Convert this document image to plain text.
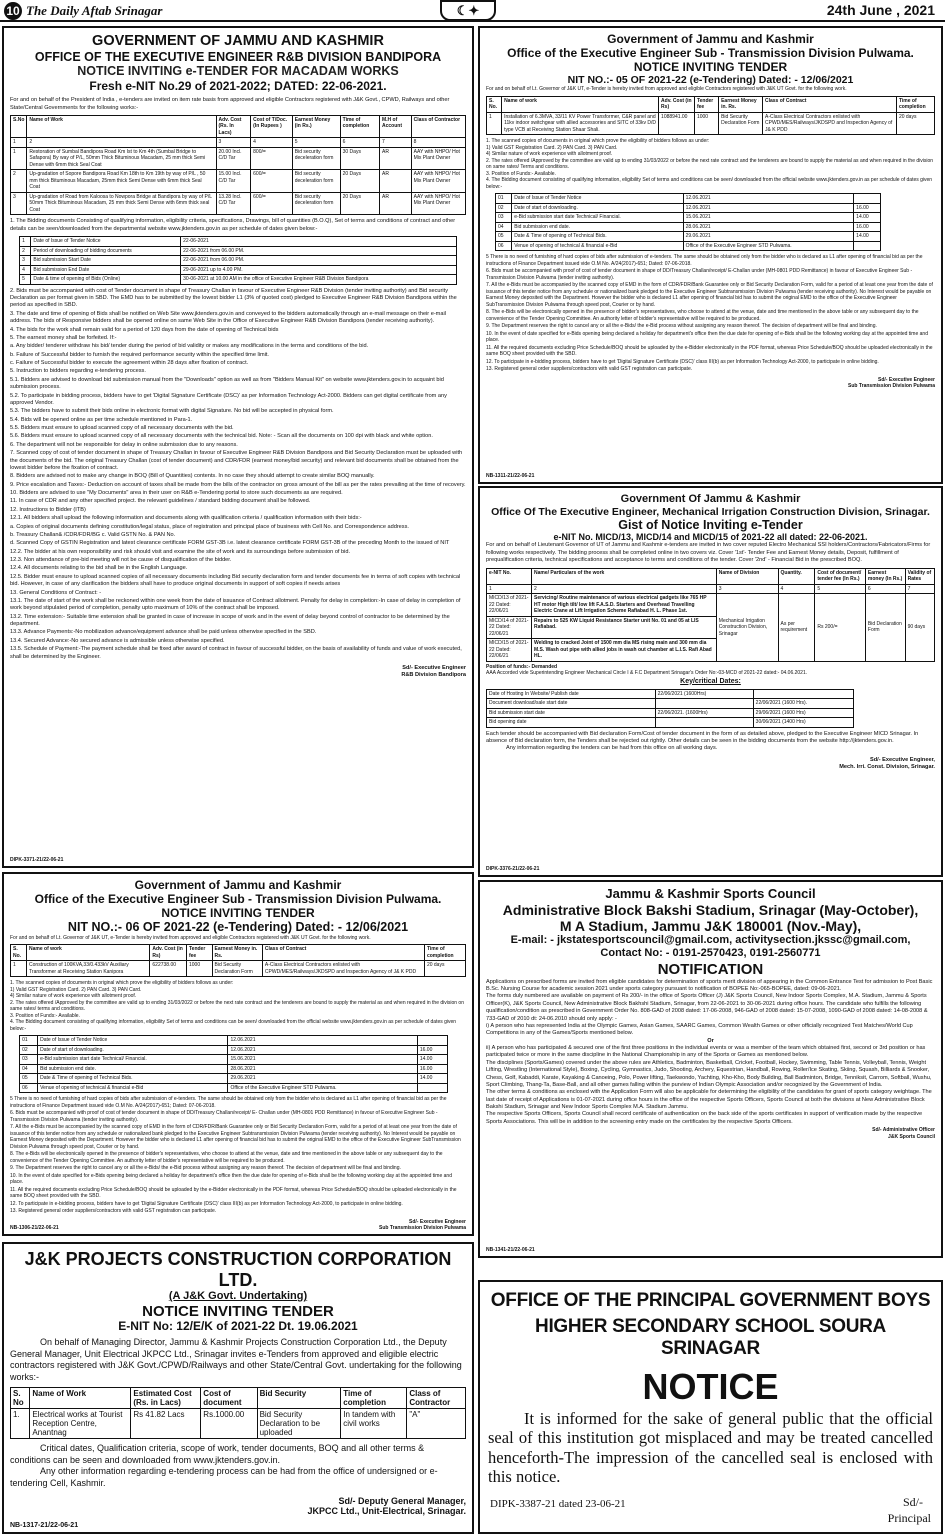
10 The Daily Aftab Srinagar	☾✦	24th June , 2021
GOVERNMENT OF JAMMU AND KASHMIR
OFFICE OF THE EXECUTIVE ENGINEER R&B DIVISION BANDIPORA
NOTICE INVITING e-TENDER FOR MACADAM WORKS
Fresh e-NIT No.29 of 2021-2022; DATED: 22-06-2021.
For and on behalf of the President of India , e-tenders are invited on item rate basis from approved and eligible Contractors registered with J&K Govt., CPWD, Railways and other State/Central Governments for the following works:-
S.No	Name of Work	Adv. Cost (Rs. In Lacs)	Cost of T/Doc. (In Rupees )	Earnest Money (in Rs.)	Time of completion	M.H of Account	Class of Contractor
1	2	3	4	5	6	7	8
1	Restoration of Sumbal Bandipora Road Km Ist to Km 4th (Sumbal Bridge to Safapora) By way of P/L, 50mm Thick Bituminous Macadam, 25 mm thick Semi Dense with 6mm thick Seal Coat	20.00 Incl. C/D Tar	800/=	Bid security deceleration form	30 Days	AR	AAY with NHPO/ Hot Mix Plant Owner
2	Up-gradation of Sopore Bandipora Road Km 18th to Km 19th by way of P/L , 50 mm thick Bituminous Macadam, 25mm thick Semi Dense with 6mm thick Seal Coat	15.00 Incl. C/D Tar	600/=	Bid security deceleration form	20 Days	AR	AAY with NHPO/ Hot Mix Plant Owner
3	Up-gradation of Road from Kaloosa to Nowpora Bridge at Bandipora by way of P/L 50mm Thick Bituminous Macadam, 25 mm thick Semi Dense with 6mm thick seal Coat	13.28 Incl. C/D Tar	600/=	Bid security deceleration form	20 Days	AR	AAY with NHPO/ Hot Mix Plant Owner
1. The Bidding documents Consisting of qualifying information, eligibility criteria, specifications, Drawings, bill of quantities (B.O.Q), Set of terms and conditions of contract and other details can be seen/downloaded from the departmental website www.jktenders.gov.in as per schedule of dates given below:-
1	Date of Issue of Tender Notice	22-06-2021
2	Period of downloading of bidding documents	22-06-2021 from 06.00 PM.
3	Bid submission Start Date	22-06-2021 from 06.00 PM.
4	Bid submission End Date	29-06-2021 up to 4.00 PM.
5	Date & time of opening of Bids (Online)	30-06-2021 at 10.00 AM in the office of Executive Engineer R&B Division Bandipora
2. Bids must be accompanied with cost of Tender document in shape of Treasury Challan in favour of Executive Engineer R&B Division (tender inviting authority) and Bid security Declaration as per format given in SBD. The EMD has to be submitted by the lowest bidder L1 (3% of quoted cost) pledged to Executive Engineer R&B Division Bandipora within the period as specified in SBD.
3. The date and time of opening of Bids shall be notified on Web Site www.jktenders.gov.in and conveyed to the bidders automatically through an e-mail message on their e-mail address. The bids of Responsive bidders shall be opened online on same Web Site in the Office of Executive Engineer R&B Division Bandipora (tender receiving authority).
4. The bids for the work shall remain valid for a period of 120 days from the date of opening of Technical bids
5. The earnest money shall be forfeited. If:-
a. Any bidder/ tenderer withdraw his bid/ tender during the period of bid validity or makes any modifications in the terms and conditions of the bid.
b. Failure of Successful bidder to furnish the required performance security within the specified time limit.
c. Failure of Successful bidder to execute the agreement within 28 days after fixation of contract.
5. Instruction to bidders regarding e-tendering process.
5.1. Bidders are advised to download bid submission manual from the "Downloads" option as well as from "Bidders Manual Kit" on website www.jktenders.gov.in to acquaint bid submission process.
5.2. To participate in bidding process, bidders have to get 'Digital Signature Certificate (DSC)' as per Information Technology Act-2000. Bidders can get digital certificate from any approved Vendor.
5.3. The bidders have to submit their bids online in electronic format with digital Signature. No bid will be accepted in physical form.
5.4. Bids will be opened online as per time schedule mentioned in Para-1.
5.5. Bidders must ensure to upload scanned copy of all necessary documents with the bid.
5.6. Bidders must ensure to upload scanned copy of all necessary documents with the technical bid. Note: - Scan all the documents on 100 dpi with black and white option.
6. The department will not be responsible for delay in online submission due to any reasons.
7. Scanned copy of cost of tender document in shape of Treasury Challan in favour of Executive Engineer R&B Division Bandipora and Bid Security Declaration must be uploaded with the documents of the bid. The original Treasury Challan (cost of tender document) and CDR/FDR (earnest money/bid security) and relevant bid documents shall be obtained from the lowest bidder before the fixation of contract.
8. Bidders are advised not to make any change in BOQ (Bill of Quantities) contents. In no case they should attempt to create similar BOQ manually.
9. Price escalation and Taxes:- Deduction on account of taxes shall be made from the bills of the contractor on gross amount of the bill as per the rates prevailing at the time of recovery.
10. Bidders are advised to use "My Documents" area in their user on R&B e-Tendering portal to store such documents as are required.
11. In case of CDR and any other specified project. the relevant guidelines / standard bidding document shall be followed.
12. Instructions to Bidder (ITB)
12.1. All bidders shall upload the following information and documents along with qualification criteria / qualification information with their bids:-
a. Copies of original documents defining constitution/legal status, place of registration and principal place of business with Cell No. and Correspondence address.
b. Treasury Challan& /CDR/FDR/BG c. Valid GSTN No. & PAN No.
d. Scanned Copy of GSTIN Registration and latest clearance certificate FORM GST-3B i.e. latest clearance certificate FORM GST-3B of the preceding Month to the issued of NIT
12.2. The bidder at his own responsibility and risk should visit and examine the site of work and its surroundings before submission of bid.
12.3. Non attendance of pre-bid meeting will not be cause of disqualification of the bidder.
12.4. All documents relating to the bid shall be in the English Language.
12.5. Bidder must ensure to upload scanned copies of all necessary documents including Bid security declaration form and tender documents fee in terms of soft copies with technical bid. However, in case of any clarification the bidders shall have to produce original documents in support of soft copies if needs arises
13. General Conditions of Contract: -
13.1. The date of start of the work shall be reckoned within one week from the date of issuance of Contract allotment. Penalty for delay in completion:-In case of delay in completion of work beyond stipulated period of completion, penalty upto maximum of 10% of the contract shall be imposed.
13.2. Time extension:- Suitable time extension shall be granted in case of increase in scope of work and in the event of delay beyond control of contractor to be determined by the department.
13.3. Advance Payments:-No mobilization advance/equipment advance shall be paid unless otherwise specified in the SBD.
13.4. Secured Advance:-No secured advance is admissible unless otherwise specified.
13.5. Schedule of Payment:-The payment schedule shall be fixed after award of contract in favour of successful bidder, on the basis of availability of funds and value of work executed, shall be determined by the Engineer.
Sd/- Executive Engineer
R&B Division Bandipora
DIPK-3371-21/22-06-21
Government of Jammu and Kashmir
Office of the Executive Engineer Sub - Transmission Division Pulwama.
NOTICE INVITING TENDER
NIT NO.:- 05 OF 2021-22 (e-Tendering) Dated: - 12/06/2021
For and on behalf of Lt. Governor of J&K UT, e-Tender is hereby invited from approved and eligible Contractors registered with J&K UT Govt. for the following work.
S. No.	Name of work	Adv. Cost (in Rs)	Tender fee	Earnest Money in. Rs.	Class of Contract	Time of completion
1	Installation of 6.3MVA, 33/11 KV Power Transformer, C&R panel and 11kv indoor switchgear with allied accessories and SITC of 33kv D/D type VCB at Receiving Station Shaar Shali.	1088941.00	1000	Bid Security Declaration Form	A-Class Electrical Contractors enlisted with CPWD/MES/Railways/JKDSPD and Inspection Agency of J& K PDD	20 days
1. The scanned copies of documents in original which prove the eligibility of bidders follows as under:
1) Valid GST Registration Card. 2) PAN Card. 3) PAN Card.
4) Similar nature of work experience with allotment proof.
2. The rates offered /Approved by the committee are valid up to ending 31/03/2022 or before the next rate contract and the tenderers are bound to supply the material as and when required in the division on same rates/ Terms and conditions.
3. Position of Funds:- Available.
4. The Bidding document consisting of qualifying information, eligibility Set of terms and conditions can be seen/ downloaded from the official website www.jktenders.gov.in as per schedule of dates given below:-
01	Date of Issue of Tender Notice	12.06.2021	
02	Date of start of downloading.	12.06.2021	16.00
03	e-Bid submission start date Technical/ Financial.	15.06.2021	14.00
04	Bid submission end date.	28.06.2021	16.00
05	Date & Time of opening of Technical Bids.	29.06.2021	14.00
06	Venue of opening of technical & financial e-Bid	Office of the Executive Engineer STD Pulwama.	
5 There is no need of furnishing of hard copies of bids after submission of e-tenders. The same should be obtained only from the bidder who is declared as L1 after opening of financial bid as per the instructions of Finance Department issued vide O.M No. A/24(2017)-651; Dated: 07-06-2018.
6. Bids must be accompanied with proof of cost of tender document in shape of DD/Treasury Challan/receipt/ E-Challan under (MH-0801 PDD Remittance) in favour of Executive Engineer Sub - Transmission Division Pulwama (tender inviting authority).
7. All the e-Bids must be accompanied by the scanned copy of EMD in the form of CDR/FDR/Bank Guarantee only or Bid Security Declaration Form, valid for a period of at least one year from the date of issuance of this tender notice from any schedule or nationalized bank pledged to the Executive Engineer Subtransmission Division Pulwama (tender receiving authority). No Interest would be payable on Earnest Money deposited with the Department. However the bidder who is declared L1 after opening of financial bid has to submit the original EMD to the office of the Executive Engineer SubTransmission Division Pulwama through speed post, Courier or by hand.
8. The e-Bids will be electronically opened in the presence of bidder's representatives, who choose to attend at the venue, date and time mentioned in the above table or any subsequent day to the convenience of the Tender Opening Committee. An authority letter of bidder's representative will be required to be produced.
9. The Department reserves the right to cancel any or all the e-Bids/ the e-Bid process without assigning any reason thereof. The decision of department will be final and binding.
10. In the event of date specified for e-Bids opening being declared a holiday for department's office then the due date for opening of e-Bids shall be the following working day at the appointed time and place.
11. All the required documents excluding Price Schedule/BOQ should be uploaded by the e-Bidder electronically in the PDF format, whereas Price Schedule/BOQ should be uploaded electronically in the same BOQ sheet provided with the SBD.
12. To participate in e-bidding process, bidders have to get 'Digital Signature Certificate (DSC)' class III(b) as per Information Technology Act-2000, to participate in online bidding.
13. Registered general order suppliers/contractors with valid GST registration can participate.
Sd/- Executive Engineer
Sub Transmission Division Pulwama
NB-1311-21/22-06-21
Government Of Jammu & Kashmir
Office Of The Executive Engineer, Mechanical Irrigation Construction Division, Srinagar.
Gist of Notice Inviting e-Tender
e-NIT No. MICD/13, MICD/14 and MICD/15 of 2021-22 all dated: 22-06-2021.
For and on behalf of Lieutenant Governor of UT of Jammu and Kashmir e-tenders are invited in two cover reputed Electro Mechanical SSI holders/Contractors/Fabricators/Firms for following works respectively. The bidding process shall be completed online in two covers viz. Cover '1st'- Tender Fee and Earnest Money details, Deposit, fulfillment of prequalification criteria, technical specifications and acceptance to terms and conditions of the tender. Cover '2nd' - Financial Bid in the prescribed BOQ.
e-NIT No.	Name/ Particulars of the work	Name of Division	Quantity.	Cost of document/ tender fee (In Rs.)	Earnest money (In Rs.)	Validity of Rates
1	2	3	4	5	6	7
MICD/13 of 2021-22 Dated: 22/06/21	Servicing/ Routine maintenance of various electrical gadgets like 765 HP HT motor High tilt/ low lift F.A.S.D. Starters and Overhead Travelling Electric Crane at Lift Irrigation Scheme Rafiabad H. L. Phase 1st.	Mechanical Irrigation Construction Division, Srinagar	As per requirement	Rs 200/=	Bid Declaration Form	90 days
MICD/14 of 2021-22 Dated: 22/06/21	Repairs to 525 KW Liquid Resistance Starter unit No. 01 and 05 at LIS Rafiabad.					
MICD/15 of 2021-22 Dated: 22/06/21	Welding to cracked Joint of 1500 mm dia MS rising main and 300 mm dia M.S. Wash out pipe with allied jobs in wash out chamber at L.I.S. Rafi Abad HL.					
Position of funds:- Demanded
AAA Accorded vide Superintending Engineer Mechanical Circle I & F.C Department Srinagar's Order No:-03-MCD of 2021-22 dated:- 04.06.2021.
Key/critical Dates:
Date of Hosting In Website/ Publish date	22/06/2021 (1600Hrs)	
Document download/sale start date		22/06/2021 (1600 Hrs).
Bid submission start date	22/06/2021. (1600Hrs)	29/06/2021 (1600 Hrs)
Bid opening date		30/06/2021 (1400 Hrs)
Each tender should be accompanied with Bid declaration Form/Cost of tender document in the form of as detailed above, pledged to the Executive Engineer MICD Srinagar. In absence of Bid declaration form, the Tenders shall be rejected out rightly. Other details can be seen in the bidding documents from the website http://jktenders.gov.in.
Any information regarding the tenders can be had from this office on all working days.
Sd/- Executive Engineer,
Mech. Irri. Const. Division, Srinagar.
DIPK-3376-21/22-06-21
Government of Jammu and Kashmir
Office of the Executive Engineer Sub - Transmission Division Pulwama.
NOTICE INVITING TENDER
NIT NO.:- 06 OF 2021-22 (e-Tendering) Dated: - 12/06/2021
For and on behalf of Lt. Governor of J&K UT, e-Tender is hereby invited from approved and eligible Contractors registered with J&K UT Govt. for the following work.
S. No.	Name of work	Adv. Cost (in Rs)	Tender fee	Earnest Money in. Rs.	Class of Contract	Time of completion
1	Construction of 100KVA,33/0.433kV Auxiliary Transformer at Receiving Station Kanipora	622738.00	1000	Bid Security Declaration Form	A-Class Electrical Contractors enlisted with CPWD/MES/Railways/JKDSPD and Inspection Agency of J& K PDD	20 days
1. The scanned copies of documents in original which prove the eligibility of bidders follows as under:
1) Valid GST Registration Card. 2) PAN Card. 3) PAN Card.
4) Similar nature of work experience with allotment proof.
2. The rates offered /Approved by the committee are valid up to ending 31/03/2022 or before the next rate contract and the tenderers are bound to supply the material as and when required in the division on same rates/ terms and conditions.
3. Position of Funds:- Available.
4. The Bidding document consisting of qualifying information, eligibility Set of terms and conditions can be seen/ downloaded from the official website www.jktenders.gov.in as per schedule of dates given below:-
01	Date of Issue of Tender Notice	12.06.2021	
02	Date of start of downloading.	12.06.2021	16.00
03	e-Bid submission start date Technical/ Financial.	15.06.2021	14.00
04	Bid submission end date.	28.06.2021	16.00
05	Date & Time of opening of Technical Bids.	29.06.2021	14.00
06	Venue of opening of technical & financial e-Bid	Office of the Executive Engineer STD Pulwama.	
5 There is no need of furnishing of hard copies of bids after submission of e-tenders. The same should be obtained only from the bidder who is declared as L1 after opening of financial bid as per the instructions of Finance Department issued vide O.M No. A/24(2017)-651; Dated: 07-06-2018.
6. Bids must be accompanied with proof of cost of tender document in shape of DD/Treasury Challan/receipt/ E- Challan under (MH-0801 PDD Remittance) in favour of Executive Engineer Sub - Transmission Division Pulwama (tender inviting authority).
7. All the e-Bids must be accompanied by the scanned copy of EMD in the form of CDR/FDR/Bank Guarantee only or Bid Security Declaration Form, valid for a period of at least one year from the date of issuance of this tender notice from any schedule or nationalized bank pledged to the Executive Engineer Subtransmission Division Pulwama (tender receiving authority). No Interest would be payable on Earnest Money deposited with the Department. However the bidder who is declared L1 after opening of financial bid has to submit the original EMD to the office of the Executive Engineer SubTransmission Division Pulwama through speed post, Courier or by hand.
8. The e-Bids will be electronically opened in the presence of bidder's representatives, who choose to attend at the venue, date and time mentioned in the above table or any subsequent day to the convenience of the Tender Opening Committee. An authority letter of bidder's representative will be required to be produced.
9. The Department reserves the right to cancel any or all the e-Bids/ the e-Bid process without assigning any reason thereof. The decision of department will be final and binding.
10. In the event of date specified for e-Bids opening being declared a holiday for department's office then the due date for opening of e-Bids shall be the following working day at the appointed time and place.
11. All the required documents excluding Price Schedule/BOQ should be uploaded by the e-Bidder electronically in the PDF format, whereas Price Schedule/BOQ should be uploaded electronically in the same BOQ sheet provided with the SBD.
12. To participate in e-bidding process, bidders have to get 'Digital Signature Certificate (DSC)' class III(b) as per Information Technology Act-2000, to participate in online bidding.
13. Registered general order suppliers/contractors with valid GST registration can participate.
Sd/- Executive Engineer
Sub Transmission Division Pulwama
NB-1306-21/22-06-21
Jammu & Kashmir Sports Council
Administrative Block Bakshi Stadium, Srinagar (May-October),
M A Stadium, Jammu J&K 180001 (Nov.-May),
E-mail: - jkstatesportscouncil@gmail.com, activitysection.jkssc@gmail.com,
Contact No: - 0191-2570423, 0191-2560771
NOTIFICATION
Applications on prescribed forms are invited from eligible candidates for determination of sports merit division of appearing in the Common Entrance Test for admission to Post Basic B.Sc. Nursing Course for academic session 2021 under sports category pursuant to notification of BOPEE No:-065-BOPEE, dated: 09-06-2021.
The forms duly numbered are available on payment of Rs 200/- in the office of Sports Officer (J) J&K Sports Council, New Indoor Sports Complex, M.A. Stadium, Jammu & Sports Officer(K), J&K Sports Council, New Administrative Block Bakhshi Stadium, Srinagar, from 22-06-2021 to 30-06-2021 during office hours. The candidate who fulfills the following qualification/condition as prescribed in Government Order No. 808-GAD of 2008 dated: 17-06-2008, 946-GAD of 2008 dated: 15-07-2008, 1090-GAD of 2008 dated: 14-08-2008 & 733-GAD of 2010 dt: 24-06.2010 should only apply: -
i) A person who has represented India at the Olympic Games, Asian Games, SAARC Games, Common Wealth Games or other officially recognized Test Matches/World Cup Competitions in any of the Games/Sports mentioned below.
Or
ii) A person who has participated & secured one of the first three positions in the individual events or was a member of the team which obtained first, second or 3rd position or has participated twice or more in the same discipline in the National Championship in any of the Sports or Games as mentioned below.
The disciplines (Sports/Games) covered under the above rules are Athletics, Badminton, Basketball, Cricket, Football, Hockey, Swimming, Table Tennis, Volleyball, Tennis, Weight Lifting, Wrestling (International Style), Boxing, Cycling, Gymnastics, Judo, Shooting, Archery, Equestrian, Handball, Rowing, Roller/Ice Skating, Skiing, Squash, Billiards & Snooker, Chess, Golf, Kabaddi, Karate, Kayaking & Canoeing, Polo, Power lifting, Taekwondo, Yachting, Kho-Kho, Body Building, Ball Badminton, Bridge, Tenniksit, Carrom, Softball, Wushu, Sport Climbing, Thang-Ta, Base-Ball, and all other games falling within the purview of Indian Olympic Association and/or recognized by the Government of India.
The other terms & conditions as enclosed with the Application Form will also be applicable for determining the eligibility of the candidates for grant of sports category weightage. The last date of receipt of Applications is 01-07-2021 during office hours in the office of the respective Sports Officers, Sports Council at both the divisions at New Administrative Block Bakshi Stadium, Srinagar and New Indoor Sports Complex M.A. Stadium Jammu.
The respective Sports Officers, Sports Council shall record certificate of authentication on the back side of the sports certificates in support of verification made by the respective Sports Associations. This will be in addition to the screening entry made on the certificates by the respective Sports Officers.
Sd/- Administrative Officer
J&K Sports Council
NB-1341-21/22-06-21
J&K PROJECTS CONSTRUCTION CORPORATION LTD.
(A J&K Govt. Undertaking)
NOTICE INVITING TENDER
E-NIT No: 12/E/K of 2021-22 Dt. 19.06.2021
On behalf of Managing Director, Jammu & Kashmir Projects Construction Corporation Ltd., the Deputy General Manager, Unit Electrical JKPCC Ltd., Srinagar invites e-Tenders from approved and eligible electric contractors registered with J&K Govt./CPWD/Railways and other State/Central Govt. undertaking for the following works:-
S. No	Name of Work	Estimated Cost (Rs. in Lacs)	Cost of document	Bid Security	Time of completion	Class of Contractor
1.	Electrical works at Tourist Reception Centre, Anantnag	Rs 41.82 Lacs	Rs.1000.00	Bid Security Declaration to be uploaded	In tandem with civil works	"A"
Critical dates, Qualification criteria, scope of work, tender documents, BOQ and all other terms & conditions can be seen and downloaded from www.jktenders.gov.in.
Any other information regarding e-tendering process can be had from the office of undersigned or e-tendering Cell, Kashmir.
Sd/- Deputy General Manager,
JKPCC Ltd., Unit-Electrical, Srinagar.
NB-1317-21/22-06-21
OFFICE OF THE PRINCIPAL GOVERNMENT BOYS
HIGHER SECONDARY SCHOOL SOURA SRINAGAR
NOTICE
It is informed for the sake of general public that the official seal of this institution got misplaced and may be treated cancelled henceforth-The impression of the cancelled seal is enclosed with this notice.
DIPK-3387-21 dated 23-06-21	Sd/-
Principal
